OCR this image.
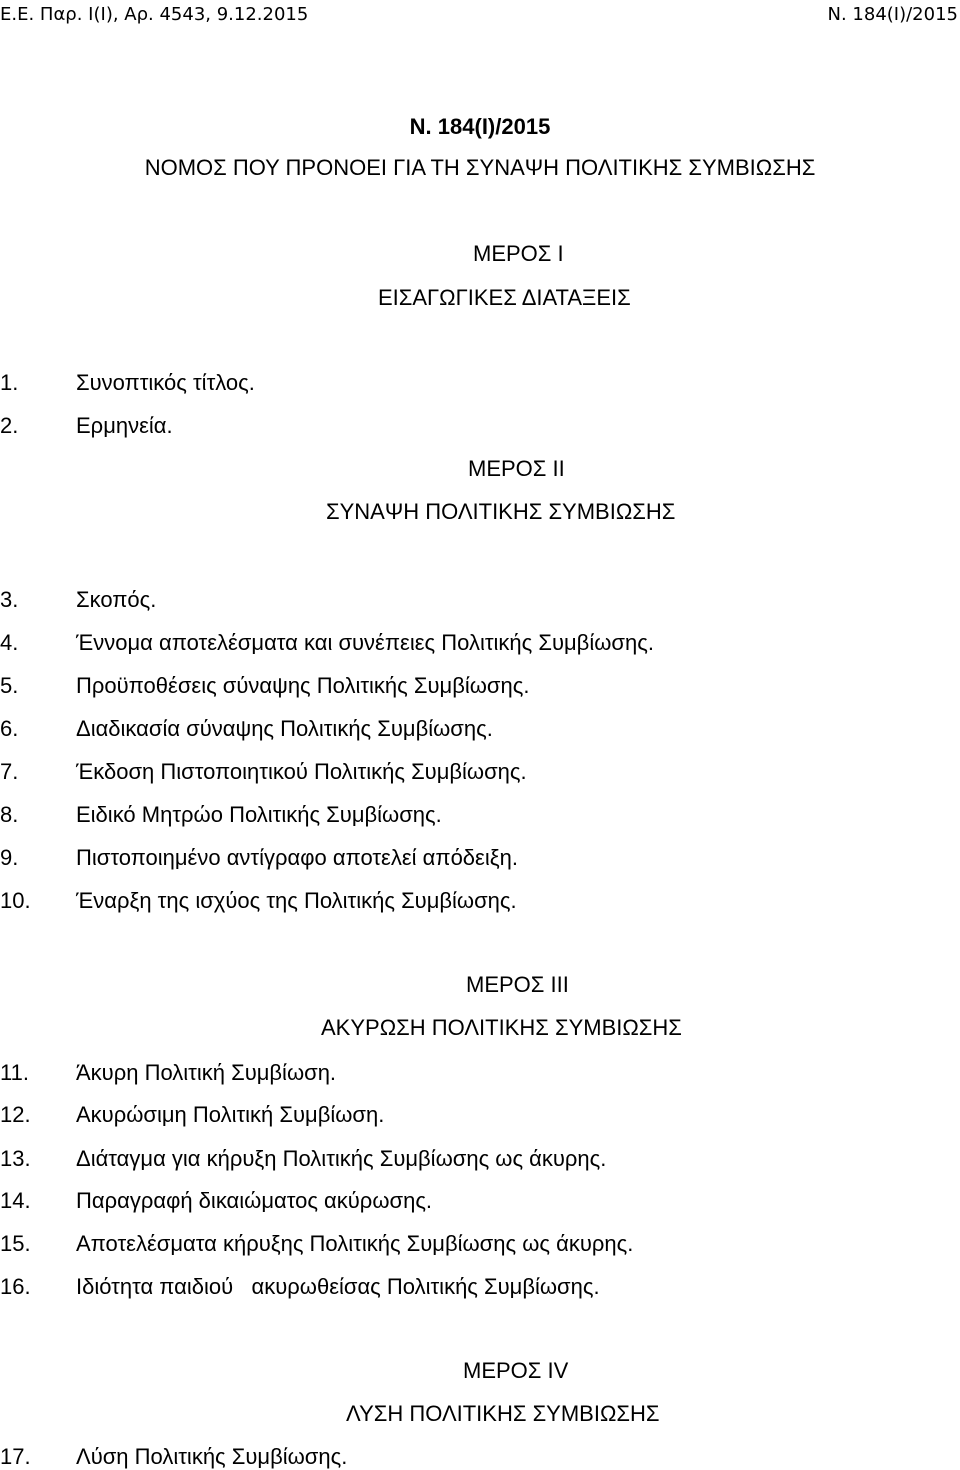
Ε.Ε. Παρ. Ι(Ι), Αρ. 4543, 9.12.2015	Ν. 184(Ι)/2015
Ν. 184(Ι)/2015
ΝΟΜΟΣ ΠΟΥ ΠΡΟΝΟΕΙ ΓΙΑ ΤΗ ΣΥΝΑΨΗ ΠΟΛΙΤΙΚΗΣ ΣΥΜΒΙΩΣΗΣ
ΜΕΡΟΣ Ι
ΕΙΣΑΓΩΓΙΚΕΣ ΔΙΑΤΑΞΕΙΣ
1.	Συνοπτικός τίτλος.
2.	Ερμηνεία.
ΜΕΡΟΣ ΙΙ
ΣΥΝΑΨΗ ΠΟΛΙΤΙΚΗΣ ΣΥΜΒΙΩΣΗΣ
3.	Σκοπός.
4.	Έννομα αποτελέσματα και συνέπειες Πολιτικής Συμβίωσης.
5.	Προϋποθέσεις σύναψης Πολιτικής Συμβίωσης.
6.	Διαδικασία σύναψης Πολιτικής Συμβίωσης.
7.	Έκδοση Πιστοποιητικού Πολιτικής Συμβίωσης.
8.	Ειδικό Μητρώο Πολιτικής Συμβίωσης.
9.	Πιστοποιημένο αντίγραφο αποτελεί απόδειξη.
10. Έναρξη της ισχύος της Πολιτικής Συμβίωσης.
ΜΕΡΟΣ ΙΙΙ
ΑΚΥΡΩΣΗ ΠΟΛΙΤΙΚΗΣ ΣΥΜΒΙΩΣΗΣ
11. Άκυρη Πολιτική Συμβίωση.
12. Ακυρώσιμη Πολιτική Συμβίωση.
13. Διάταγμα για κήρυξη Πολιτικής Συμβίωσης ως άκυρης.
14. Παραγραφή δικαιώματος ακύρωσης.
15. Αποτελέσματα κήρυξης Πολιτικής Συμβίωσης ως άκυρης.
16. Ιδιότητα παιδιού   ακυρωθείσας Πολιτικής Συμβίωσης.
ΜΕΡΟΣ IV
ΛΥΣΗ ΠΟΛΙΤΙΚΗΣ ΣΥΜΒΙΩΣΗΣ
17. Λύση Πολιτικής Συμβίωσης.
